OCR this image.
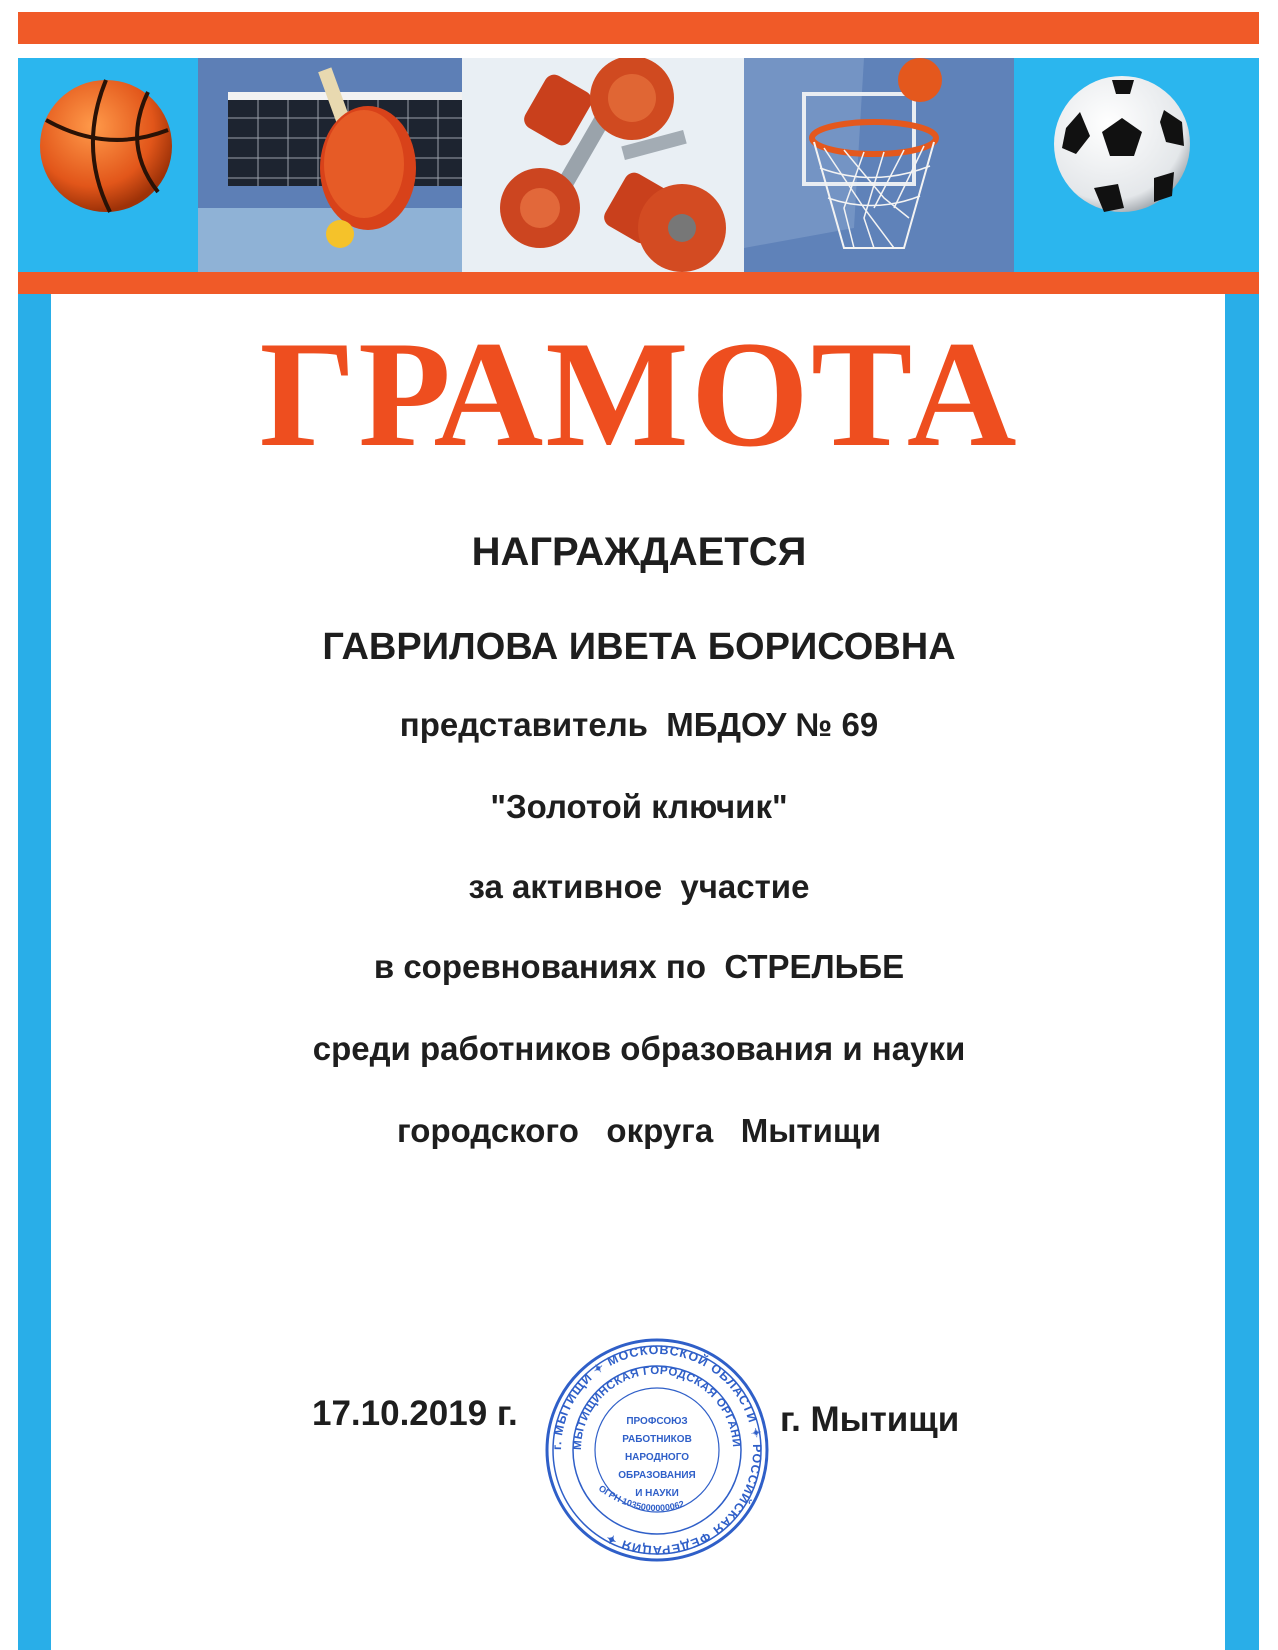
ГРАМОТА
НАГРАЖДАЕТСЯ
ГАВРИЛОВА ИВЕТА БОРИСОВНА
представитель  МБДОУ № 69
"Золотой ключик"
за активное  участие
в соревнованиях по  СТРЕЛЬБЕ
среди работников образования и науки
городского   округа   Мытищи
17.10.2019 г.	г. Мытищи
г. МЫТИЩИ ✦ МОСКОВСКОЙ ОБЛАСТИ ✦ РОССИЙСКАЯ ФЕДЕРАЦИЯ ✦
МЫТИЩИНСКАЯ ГОРОДСКАЯ ОРГАНИ
ПРОФСОЮЗ
РАБОТНИКОВ
НАРОДНОГО
ОБРАЗОВАНИЯ
И НАУКИ
ОГРН 1035000000062
